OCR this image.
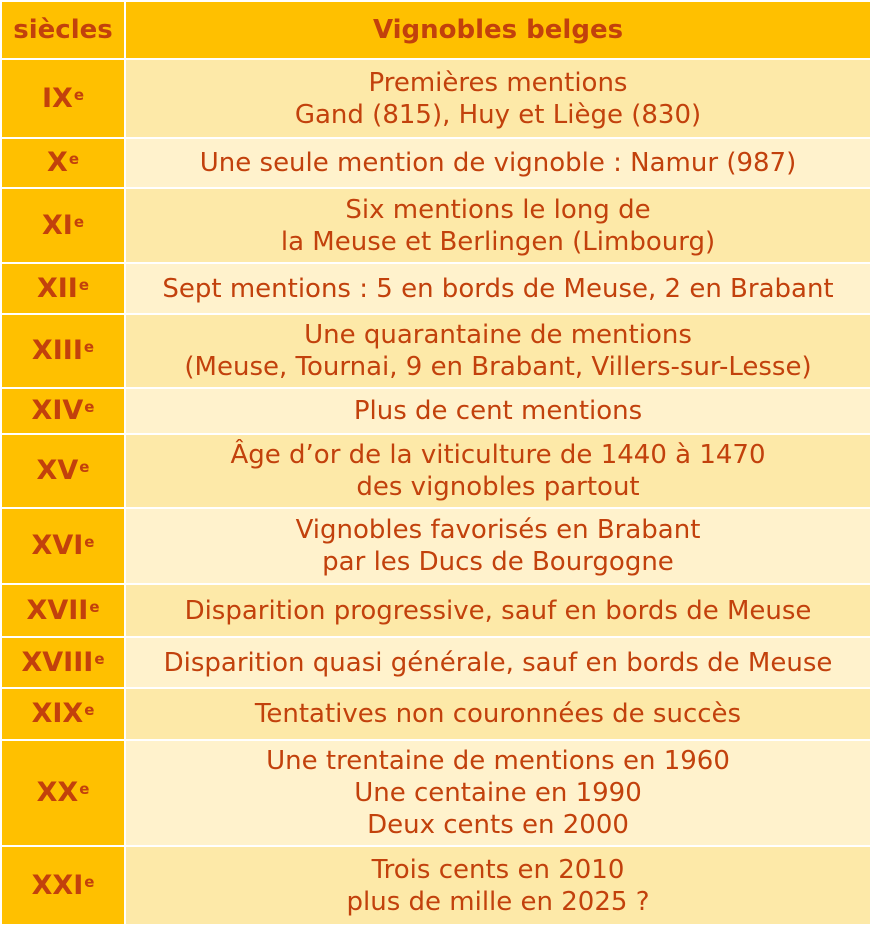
siècles	Vignobles belges
IXe	Premières mentions
Gand (815), Huy et Liège (830)

Xe	Une seule mention de vignoble : Namur (987)

XIe	Six mentions le long de
la Meuse et Berlingen (Limbourg)

XIIe	Sept mentions : 5 en bords de Meuse, 2 en Brabant

XIIIe	Une quarantaine de mentions
(Meuse, Tournai, 9 en Brabant, Villers-sur-Lesse)

XIVe	Plus de cent mentions

XVe	Âge d’or de la viticulture de 1440 à 1470
des vignobles partout

XVIe	Vignobles favorisés en Brabant
par les Ducs de Bourgogne

XVIIe	Disparition progressive, sauf en bords de Meuse

XVIIIe	Disparition quasi générale, sauf en bords de Meuse

XIXe	Tentatives non couronnées de succès

XXe	Une trentaine de mentions en 1960
Une centaine en 1990
Deux cents en 2000

XXIe	Trois cents en 2010
plus de mille en 2025 ?
